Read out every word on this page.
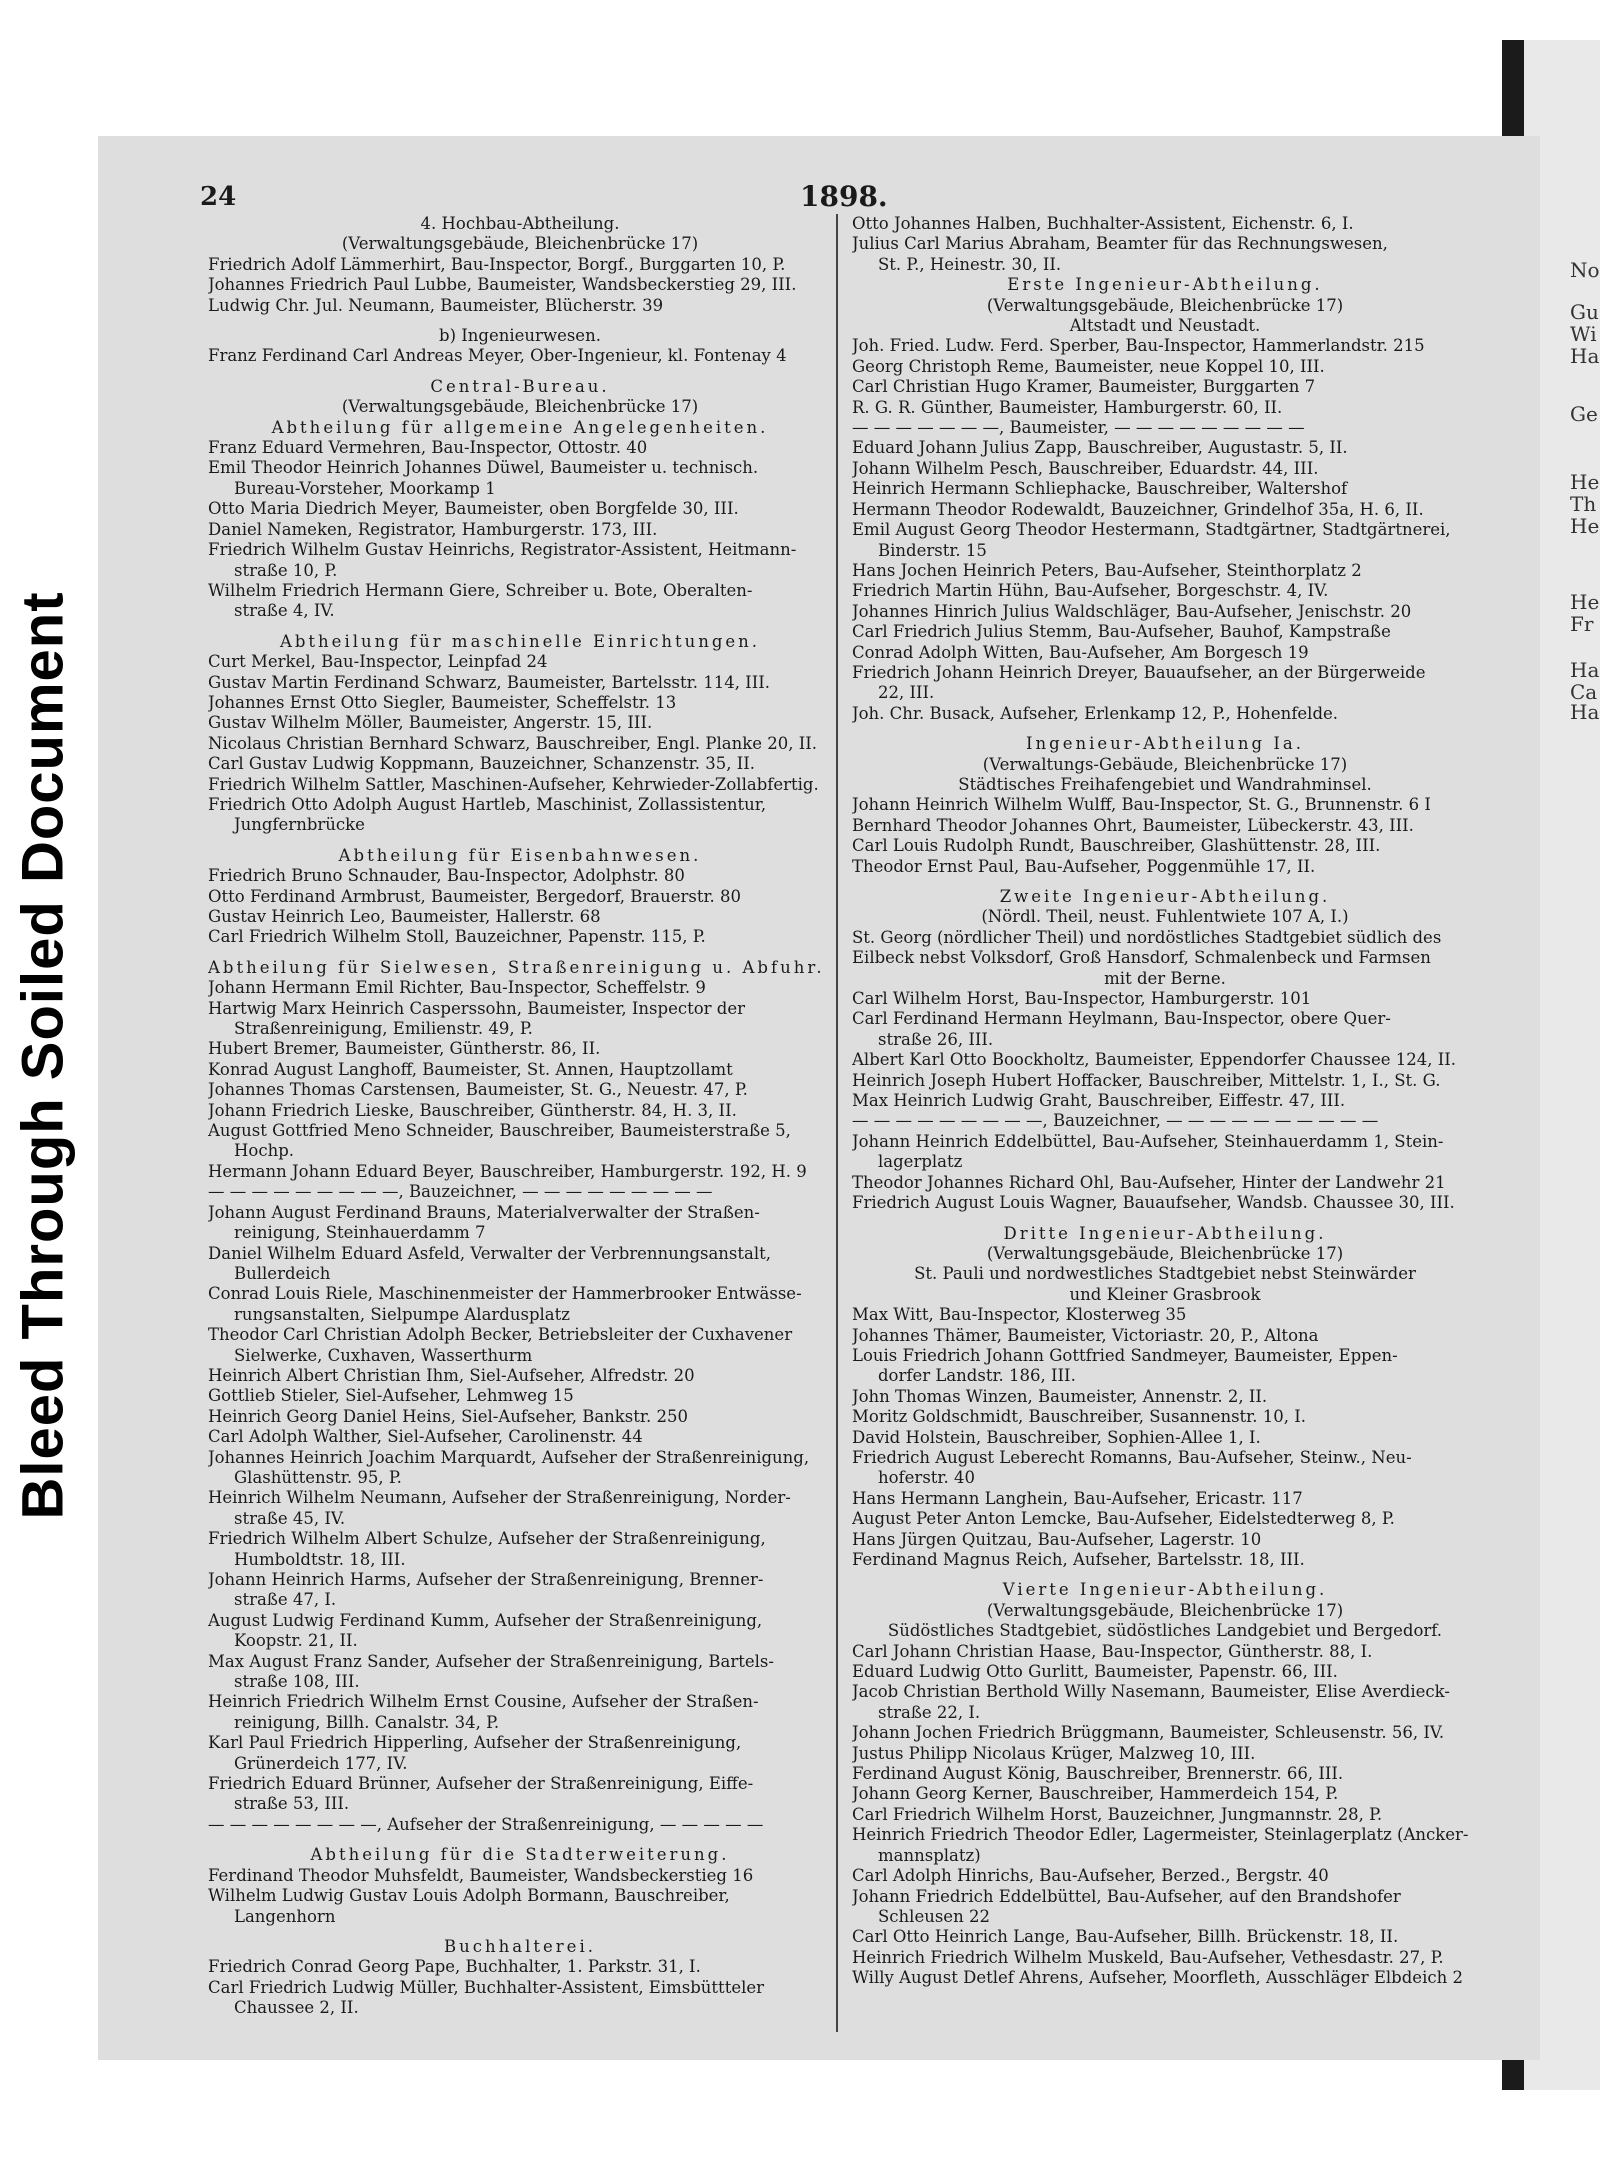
Bleed Through Soiled Document
No
Gu
Wi
Ha
Ge
He
Th
He
He
Fr
Ha
Ca
Ha
24	1898.
4. Hochbau-Abtheilung.
(Verwaltungsgebäude, Bleichenbrücke 17)
Friedrich Adolf Lämmerhirt, Bau-Inspector, Borgf., Burggarten 10, P.
Johannes Friedrich Paul Lubbe, Baumeister, Wandsbeckerstieg 29, III.
Ludwig Chr. Jul. Neumann, Baumeister, Blücherstr. 39
b) Ingenieurwesen.
Franz Ferdinand Carl Andreas Meyer, Ober-Ingenieur, kl. Fontenay 4
Central-Bureau.
(Verwaltungsgebäude, Bleichenbrücke 17)
Abtheilung für allgemeine Angelegenheiten.
Franz Eduard Vermehren, Bau-Inspector, Ottostr. 40
Emil Theodor Heinrich Johannes Düwel, Baumeister u. technisch.
Bureau-Vorsteher, Moorkamp 1
Otto Maria Diedrich Meyer, Baumeister, oben Borgfelde 30, III.
Daniel Nameken, Registrator, Hamburgerstr. 173, III.
Friedrich Wilhelm Gustav Heinrichs, Registrator-Assistent, Heitmann-
straße 10, P.
Wilhelm Friedrich Hermann Giere, Schreiber u. Bote, Oberalten-
straße 4, IV.
Abtheilung für maschinelle Einrichtungen.
Curt Merkel, Bau-Inspector, Leinpfad 24
Gustav Martin Ferdinand Schwarz, Baumeister, Bartelsstr. 114, III.
Johannes Ernst Otto Siegler, Baumeister, Scheffelstr. 13
Gustav Wilhelm Möller, Baumeister, Angerstr. 15, III.
Nicolaus Christian Bernhard Schwarz, Bauschreiber, Engl. Planke 20, II.
Carl Gustav Ludwig Koppmann, Bauzeichner, Schanzenstr. 35, II.
Friedrich Wilhelm Sattler, Maschinen-Aufseher, Kehrwieder-Zollabfertig.
Friedrich Otto Adolph August Hartleb, Maschinist, Zollassistentur,
Jungfernbrücke
Abtheilung für Eisenbahnwesen.
Friedrich Bruno Schnauder, Bau-Inspector, Adolphstr. 80
Otto Ferdinand Armbrust, Baumeister, Bergedorf, Brauerstr. 80
Gustav Heinrich Leo, Baumeister, Hallerstr. 68
Carl Friedrich Wilhelm Stoll, Bauzeichner, Papenstr. 115, P.
Abtheilung für Sielwesen, Straßenreinigung u. Abfuhr.
Johann Hermann Emil Richter, Bau-Inspector, Scheffelstr. 9
Hartwig Marx Heinrich Casperssohn, Baumeister, Inspector der
Straßenreinigung, Emilienstr. 49, P.
Hubert Bremer, Baumeister, Güntherstr. 86, II.
Konrad August Langhoff, Baumeister, St. Annen, Hauptzollamt
Johannes Thomas Carstensen, Baumeister, St. G., Neuestr. 47, P.
Johann Friedrich Lieske, Bauschreiber, Güntherstr. 84, H. 3, II.
August Gottfried Meno Schneider, Bauschreiber, Baumeisterstraße 5,
Hochp.
Hermann Johann Eduard Beyer, Bauschreiber, Hamburgerstr. 192, H. 9
— — — — — — — — —, Bauzeichner, — — — — — — — — —
Johann August Ferdinand Brauns, Materialverwalter der Straßen-
reinigung, Steinhauerdamm 7
Daniel Wilhelm Eduard Asfeld, Verwalter der Verbrennungsanstalt,
Bullerdeich
Conrad Louis Riele, Maschinenmeister der Hammerbrooker Entwässe-
rungsanstalten, Sielpumpe Alardusplatz
Theodor Carl Christian Adolph Becker, Betriebsleiter der Cuxhavener
Sielwerke, Cuxhaven, Wasserthurm
Heinrich Albert Christian Ihm, Siel-Aufseher, Alfredstr. 20
Gottlieb Stieler, Siel-Aufseher, Lehmweg 15
Heinrich Georg Daniel Heins, Siel-Aufseher, Bankstr. 250
Carl Adolph Walther, Siel-Aufseher, Carolinenstr. 44
Johannes Heinrich Joachim Marquardt, Aufseher der Straßenreinigung,
Glashüttenstr. 95, P.
Heinrich Wilhelm Neumann, Aufseher der Straßenreinigung, Norder-
straße 45, IV.
Friedrich Wilhelm Albert Schulze, Aufseher der Straßenreinigung,
Humboldtstr. 18, III.
Johann Heinrich Harms, Aufseher der Straßenreinigung, Brenner-
straße 47, I.
August Ludwig Ferdinand Kumm, Aufseher der Straßenreinigung,
Koopstr. 21, II.
Max August Franz Sander, Aufseher der Straßenreinigung, Bartels-
straße 108, III.
Heinrich Friedrich Wilhelm Ernst Cousine, Aufseher der Straßen-
reinigung, Billh. Canalstr. 34, P.
Karl Paul Friedrich Hipperling, Aufseher der Straßenreinigung,
Grünerdeich 177, IV.
Friedrich Eduard Brünner, Aufseher der Straßenreinigung, Eiffe-
straße 53, III.
— — — — — — — —, Aufseher der Straßenreinigung, — — — — —
Abtheilung für die Stadterweiterung.
Ferdinand Theodor Muhsfeldt, Baumeister, Wandsbeckerstieg 16
Wilhelm Ludwig Gustav Louis Adolph Bormann, Bauschreiber,
Langenhorn
Buchhalterei.
Friedrich Conrad Georg Pape, Buchhalter, 1. Parkstr. 31, I.
Carl Friedrich Ludwig Müller, Buchhalter-Assistent, Eimsbüttteler
Chaussee 2, II.
Otto Johannes Halben, Buchhalter-Assistent, Eichenstr. 6, I.
Julius Carl Marius Abraham, Beamter für das Rechnungswesen,
St. P., Heinestr. 30, II.
Erste Ingenieur-Abtheilung.
(Verwaltungsgebäude, Bleichenbrücke 17)
Altstadt und Neustadt.
Joh. Fried. Ludw. Ferd. Sperber, Bau-Inspector, Hammerlandstr. 215
Georg Christoph Reme, Baumeister, neue Koppel 10, III.
Carl Christian Hugo Kramer, Baumeister, Burggarten 7
R. G. R. Günther, Baumeister, Hamburgerstr. 60, II.
— — — — — — —, Baumeister, — — — — — — — — —
Eduard Johann Julius Zapp, Bauschreiber, Augustastr. 5, II.
Johann Wilhelm Pesch, Bauschreiber, Eduardstr. 44, III.
Heinrich Hermann Schliephacke, Bauschreiber, Waltershof
Hermann Theodor Rodewaldt, Bauzeichner, Grindelhof 35a, H. 6, II.
Emil August Georg Theodor Hestermann, Stadtgärtner, Stadtgärtnerei,
Binderstr. 15
Hans Jochen Heinrich Peters, Bau-Aufseher, Steinthorplatz 2
Friedrich Martin Hühn, Bau-Aufseher, Borgeschstr. 4, IV.
Johannes Hinrich Julius Waldschläger, Bau-Aufseher, Jenischstr. 20
Carl Friedrich Julius Stemm, Bau-Aufseher, Bauhof, Kampstraße
Conrad Adolph Witten, Bau-Aufseher, Am Borgesch 19
Friedrich Johann Heinrich Dreyer, Bauaufseher, an der Bürgerweide
22, III.
Joh. Chr. Busack, Aufseher, Erlenkamp 12, P., Hohenfelde.
Ingenieur-Abtheilung Ia.
(Verwaltungs-Gebäude, Bleichenbrücke 17)
Städtisches Freihafengebiet und Wandrahminsel.
Johann Heinrich Wilhelm Wulff, Bau-Inspector, St. G., Brunnenstr. 6 I
Bernhard Theodor Johannes Ohrt, Baumeister, Lübeckerstr. 43, III.
Carl Louis Rudolph Rundt, Bauschreiber, Glashüttenstr. 28, III.
Theodor Ernst Paul, Bau-Aufseher, Poggenmühle 17, II.
Zweite Ingenieur-Abtheilung.
(Nördl. Theil, neust. Fuhlentwiete 107 A, I.)
St. Georg (nördlicher Theil) und nordöstliches Stadtgebiet südlich des
Eilbeck nebst Volksdorf, Groß Hansdorf, Schmalenbeck und Farmsen
mit der Berne.
Carl Wilhelm Horst, Bau-Inspector, Hamburgerstr. 101
Carl Ferdinand Hermann Heylmann, Bau-Inspector, obere Quer-
straße 26, III.
Albert Karl Otto Boockholtz, Baumeister, Eppendorfer Chaussee 124, II.
Heinrich Joseph Hubert Hoffacker, Bauschreiber, Mittelstr. 1, I., St. G.
Max Heinrich Ludwig Graht, Bauschreiber, Eiffestr. 47, III.
— — — — — — — — —, Bauzeichner, — — — — — — — — — —
Johann Heinrich Eddelbüttel, Bau-Aufseher, Steinhauerdamm 1, Stein-
lagerplatz
Theodor Johannes Richard Ohl, Bau-Aufseher, Hinter der Landwehr 21
Friedrich August Louis Wagner, Bauaufseher, Wandsb. Chaussee 30, III.
Dritte Ingenieur-Abtheilung.
(Verwaltungsgebäude, Bleichenbrücke 17)
St. Pauli und nordwestliches Stadtgebiet nebst Steinwärder
und Kleiner Grasbrook
Max Witt, Bau-Inspector, Klosterweg 35
Johannes Thämer, Baumeister, Victoriastr. 20, P., Altona
Louis Friedrich Johann Gottfried Sandmeyer, Baumeister, Eppen-
dorfer Landstr. 186, III.
John Thomas Winzen, Baumeister, Annenstr. 2, II.
Moritz Goldschmidt, Bauschreiber, Susannenstr. 10, I.
David Holstein, Bauschreiber, Sophien-Allee 1, I.
Friedrich August Leberecht Romanns, Bau-Aufseher, Steinw., Neu-
hoferstr. 40
Hans Hermann Langhein, Bau-Aufseher, Ericastr. 117
August Peter Anton Lemcke, Bau-Aufseher, Eidelstedterweg 8, P.
Hans Jürgen Quitzau, Bau-Aufseher, Lagerstr. 10
Ferdinand Magnus Reich, Aufseher, Bartelsstr. 18, III.
Vierte Ingenieur-Abtheilung.
(Verwaltungsgebäude, Bleichenbrücke 17)
Südöstliches Stadtgebiet, südöstliches Landgebiet und Bergedorf.
Carl Johann Christian Haase, Bau-Inspector, Güntherstr. 88, I.
Eduard Ludwig Otto Gurlitt, Baumeister, Papenstr. 66, III.
Jacob Christian Berthold Willy Nasemann, Baumeister, Elise Averdieck-
straße 22, I.
Johann Jochen Friedrich Brüggmann, Baumeister, Schleusenstr. 56, IV.
Justus Philipp Nicolaus Krüger, Malzweg 10, III.
Ferdinand August König, Bauschreiber, Brennerstr. 66, III.
Johann Georg Kerner, Bauschreiber, Hammerdeich 154, P.
Carl Friedrich Wilhelm Horst, Bauzeichner, Jungmannstr. 28, P.
Heinrich Friedrich Theodor Edler, Lagermeister, Steinlagerplatz (Ancker-
mannsplatz)
Carl Adolph Hinrichs, Bau-Aufseher, Berzed., Bergstr. 40
Johann Friedrich Eddelbüttel, Bau-Aufseher, auf den Brandshofer
Schleusen 22
Carl Otto Heinrich Lange, Bau-Aufseher, Billh. Brückenstr. 18, II.
Heinrich Friedrich Wilhelm Muskeld, Bau-Aufseher, Vethesdastr. 27, P.
Willy August Detlef Ahrens, Aufseher, Moorfleth, Ausschläger Elbdeich 2
